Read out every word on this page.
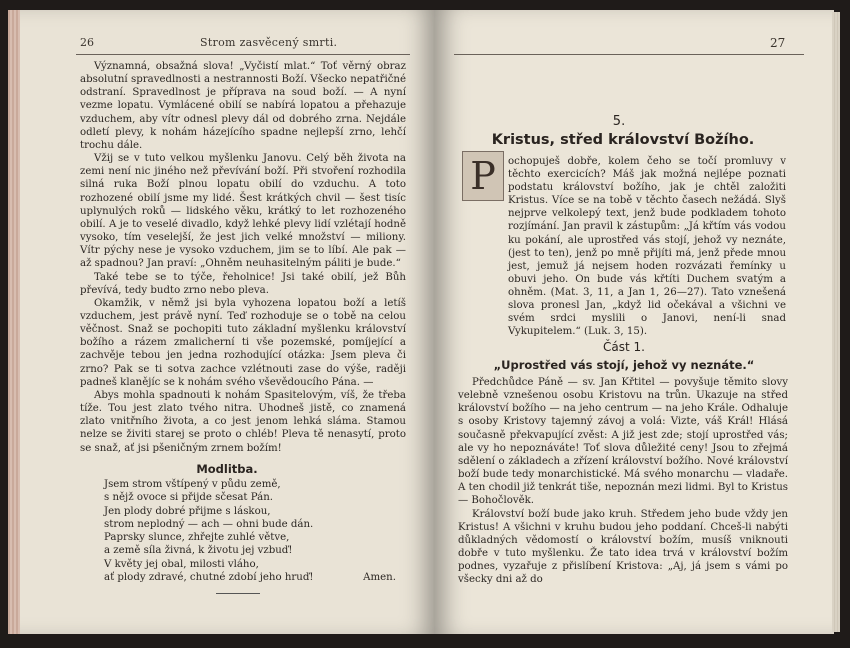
26	Strom zasvěcený smrti.

Významná, obsažná slova! „Vyčistí mlat.“ Toť věrný obraz absolutní spravedlnosti a nestrannosti Boží. Všecko nepatřičné odstraní. Spravedlnost je příprava na soud boží. — A nyní vezme lopatu. Vymlácené obilí se nabírá lopatou a přehazuje vzduchem, aby vítr odnesl plevy dál od dobrého zrna. Nejdále odletí plevy, k nohám házejícího spadne nejlepší zrno, lehčí trochu dále.

Vžij se v tuto velkou myšlenku Janovu. Celý běh života na zemi není nic jiného než převívání boží. Při stvoření rozhodila silná ruka Boží plnou lopatu obilí do vzduchu. A toto rozhozené obilí jsme my lidé. Šest krátkých chvil — šest tisíc uplynulých roků — lidského věku, krátký to let rozhozeného obilí. A je to veselé divadlo, když lehké plevy lidí vzlétají hodně vysoko, tím veselejší, že jest jich velké množství — miliony. Vítr pýchy nese je vysoko vzduchem, jim se to líbí. Ale pak — až spadnou? Jan praví: „Ohněm neuhasitelným páliti je bude.“

Také tebe se to týče, řeholnice! Jsi také obilí, jež Bůh převívá, tedy budto zrno nebo pleva.

Okamžik, v němž jsi byla vyhozena lopatou boží a letíš vzduchem, jest právě nyní. Teď rozhoduje se o tobě na celou věčnost. Snaž se pochopiti tuto základní myšlenku království božího a rázem zmalicherní ti vše pozemské, pomíjející a zachvěje tebou jen jedna rozhodující otázka: Jsem pleva či zrno? Pak se ti sotva zachce vzlétnouti zase do výše, raději padneš klanějíc se k nohám svého vševědoucího Pána. —

Abys mohla spadnouti k nohám Spasitelovým, víš, že třeba tíže. Tou jest zlato tvého nitra. Uhodneš jistě, co znamená zlato vnitřního života, a co jest jenom lehká sláma. Stamou nelze se živiti starej se proto o chléb! Pleva tě nenasytí, proto se snaž, ať jsi pšeničným zrnem božím!

Modlitba.
Jsem strom vštípený v půdu země,
s nějž ovoce si přijde sčesat Pán.
Jen plody dobré přijme s láskou,
strom neplodný — ach — ohni bude dán.
Paprsky slunce, zhřejte zuhlé větve,
a země síla živná, k životu jej vzbuď!
V květy jej obal, milosti vláho,
ať plody zdravé, chutné zdobí jeho hruď!	Amen.
27
5.
Kristus, střed království Božího.
P	ochopuješ dobře, kolem čeho se točí promluvy v těchto exercicích? Máš jak možná nejlépe poznati podstatu království božího, jak je chtěl založiti Kristus. Více se na tobě v těchto časech nežádá. Slyš nejprve velkolepý text, jenž bude podkladem tohoto rozjímání. Jan pravil k zástupům: „Já křtím vás vodou ku pokání, ale uprostřed vás stojí, jehož vy neznáte, (jest to ten), jenž po mně přijíti má, jenž přede mnou jest, jemuž já nejsem hoden rozvázati řemínky u obuvi jeho. On bude vás křtíti Duchem svatým a ohněm. (Mat. 3, 11, a Jan 1, 26—27). Tato vznešená slova pronesl Jan, „když lid očekával a všichni ve svém srdci myslili o Janovi, není-li snad Vykupitelem.“ (Luk. 3, 15).

Část 1.
„Uprostřed vás stojí, jehož vy neznáte.“

Předchůdce Páně — sv. Jan Křtitel — povyšuje těmito slovy velebně vznešenou osobu Kristovu na trůn. Ukazuje na střed království božího — na jeho centrum — na jeho Krále. Odhaluje s osoby Kristovy tajemný závoj a volá: Vizte, váš Král! Hlásá současně překvapující zvěst: A již jest zde; stojí uprostřed vás; ale vy ho nepoznáváte! Toť slova důležité ceny! Jsou to zřejmá sdělení o základech a zřízení království božího. Nové království boží bude tedy monarchistické. Má svého monarchu — vladaře. A ten chodil již tenkrát tiše, nepoznán mezi lidmi. Byl to Kristus — Bohočlověk.

Království boží bude jako kruh. Středem jeho bude vždy jen Kristus! A všichni v kruhu budou jeho poddaní. Chceš-li nabýti důkladných vědomostí o království božím, musíš vniknouti dobře v tuto myšlenku. Že tato idea trvá v království božím podnes, vyzařuje z přislíbení Kristova: „Aj, já jsem s vámi po všecky dni až do
